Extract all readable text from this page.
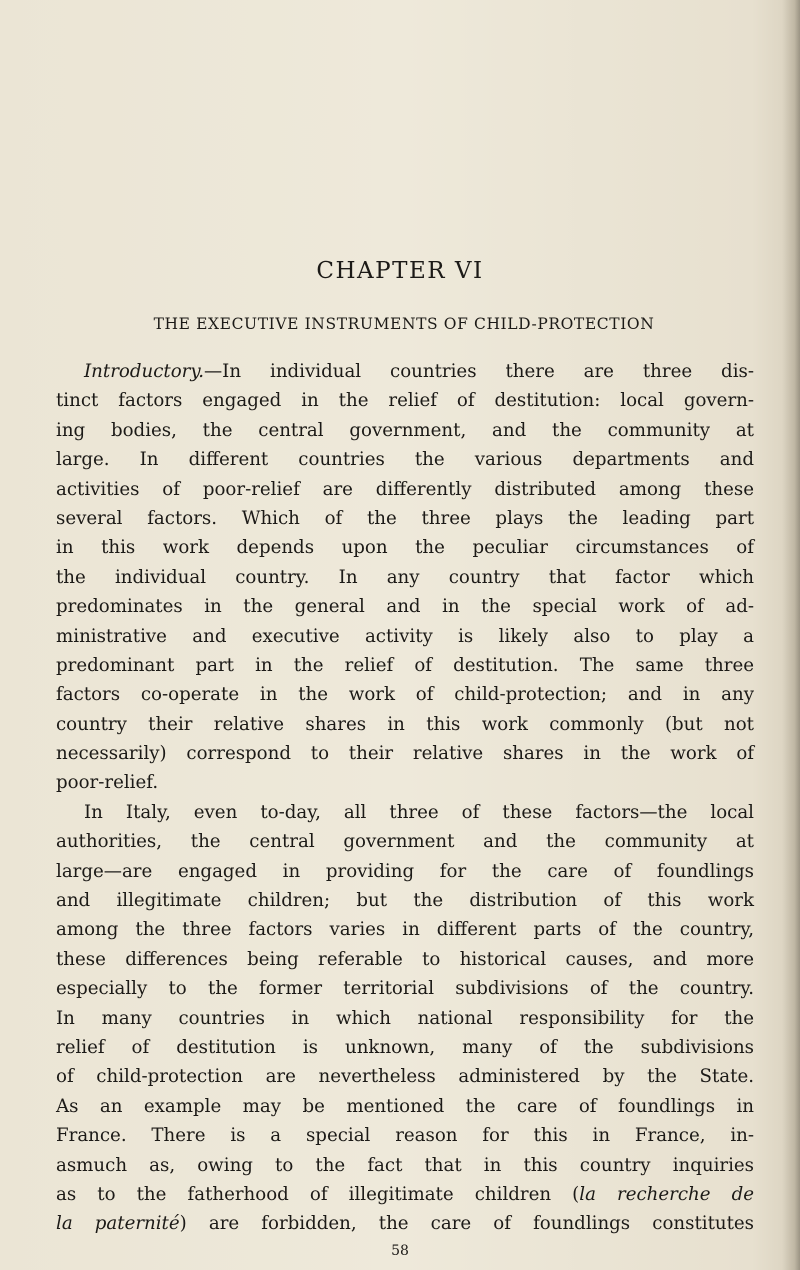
CHAPTER VI
THE EXECUTIVE INSTRUMENTS OF CHILD-PROTECTION
Introductory.—In individual countries there are three dis-
tinct factors engaged in the relief of destitution: local govern-
ing bodies, the central government, and the community at
large. In different countries the various departments and
activities of poor-relief are differently distributed among these
several factors. Which of the three plays the leading part
in this work depends upon the peculiar circumstances of
the individual country. In any country that factor which
predominates in the general and in the special work of ad-
ministrative and executive activity is likely also to play a
predominant part in the relief of destitution. The same three
factors co-operate in the work of child-protection; and in any
country their relative shares in this work commonly (but not
necessarily) correspond to their relative shares in the work of
poor-relief.
In Italy, even to-day, all three of these factors—the local
authorities, the central government and the community at
large—are engaged in providing for the care of foundlings
and illegitimate children; but the distribution of this work
among the three factors varies in different parts of the country,
these differences being referable to historical causes, and more
especially to the former territorial subdivisions of the country.
In many countries in which national responsibility for the
relief of destitution is unknown, many of the subdivisions
of child-protection are nevertheless administered by the State.
As an example may be mentioned the care of foundlings in
France. There is a special reason for this in France, in-
asmuch as, owing to the fact that in this country inquiries
as to the fatherhood of illegitimate children (la recherche de
la paternité) are forbidden, the care of foundlings constitutes
58
